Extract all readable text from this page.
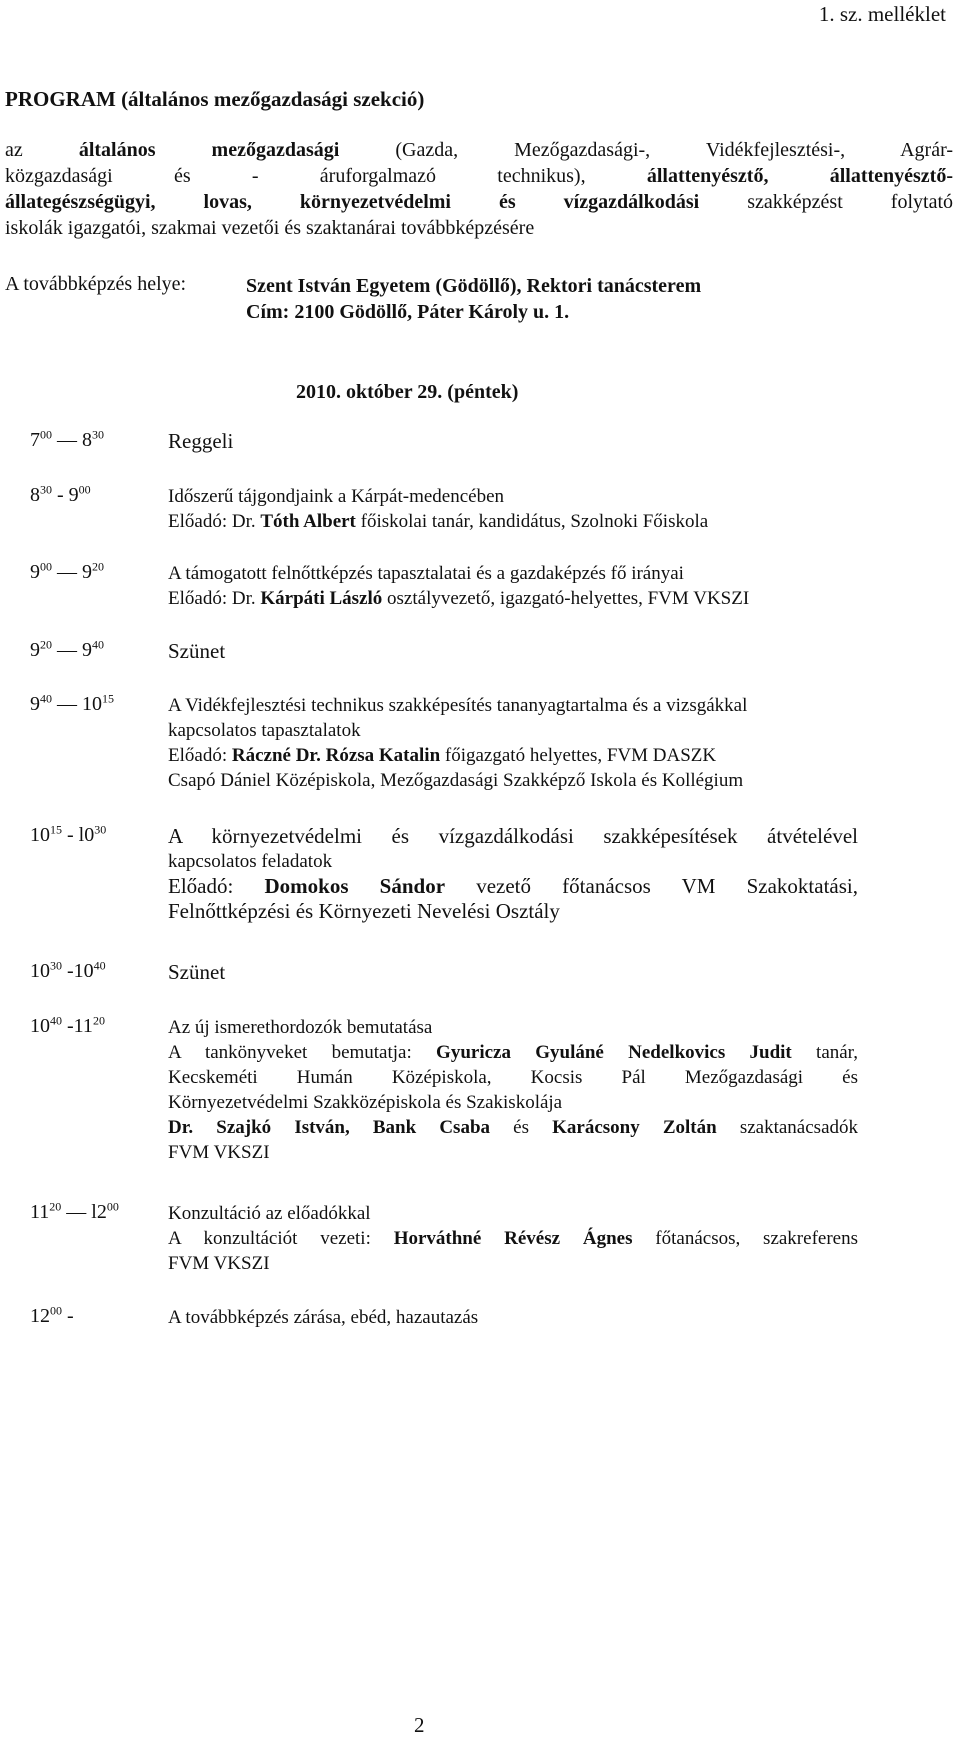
1. sz. melléklet
PROGRAM (általános mezőgazdasági szekció)
az általános mezőgazdasági (Gazda, Mezőgazdasági-, Vidékfejlesztési-, Agrár-
közgazdasági és - áruforgalmazó technikus), állattenyésztő, állattenyésztő-
állategészségügyi, lovas, környezetvédelmi és vízgazdálkodási szakképzést folytató
iskolák igazgatói, szakmai vezetői és szaktanárai továbbképzésére
A továbbképzés helye:	Szent István Egyetem (Gödöllő), Rektori tanácsterem
Cím: 2100 Gödöllő, Páter Károly u. 1.
2010. október 29. (péntek)
$7^{00}$ — $8^{30}$	Reggeli
$8^{30} - 9^{00}$	Időszerű tájgondjaink a Kárpát-medencében
Előadó: Dr. Tóth Albert főiskolai tanár, kandidátus, Szolnoki Főiskola
$9^{00}$ — $9^{20}$	A támogatott felnőttképzés tapasztalatai és a gazdaképzés fő irányai
Előadó: Dr. Kárpáti László osztályvezető, igazgató-helyettes, FVM VKSZI
$9^{20}$ — $9^{40}$	Szünet
$9^{40}$ — $10^{15}$	A Vidékfejlesztési technikus szakképesítés tananyagtartalma és a vizsgákkal
kapcsolatos tapasztalatok
Előadó: Ráczné Dr. Rózsa Katalin főigazgató helyettes, FVM DASZK
Csapó Dániel Középiskola, Mezőgazdasági Szakképző Iskola és Kollégium
$10^{15} - l0^{30}$	A környezetvédelmi és vízgazdálkodási szakképesítések átvételével
kapcsolatos feladatok
Előadó: Domokos Sándor vezető főtanácsos VM Szakoktatási,
Felnőttképzési és Környezeti Nevelési Osztály
$10^{30}$ $-10^{40}$	Szünet
$10^{40}$ $-11^{20}$	Az új ismerethordozók bemutatása
A tankönyveket bemutatja: Gyuricza Gyuláné Nedelkovics Judit tanár,
Kecskeméti Humán Középiskola, Kocsis Pál Mezőgazdasági és
Környezetvédelmi Szakközépiskola és Szakiskolája
Dr. Szajkó István, Bank Csaba és Karácsony Zoltán szaktanácsadók
FVM VKSZI
$11^{20}$ — $l2^{00}$	Konzultáció az előadókkal
A konzultációt vezeti: Horváthné Révész Ágnes főtanácsos, szakreferens
FVM VKSZI
$12^{00}$ -	A továbbképzés zárása, ebéd, hazautazás
2
